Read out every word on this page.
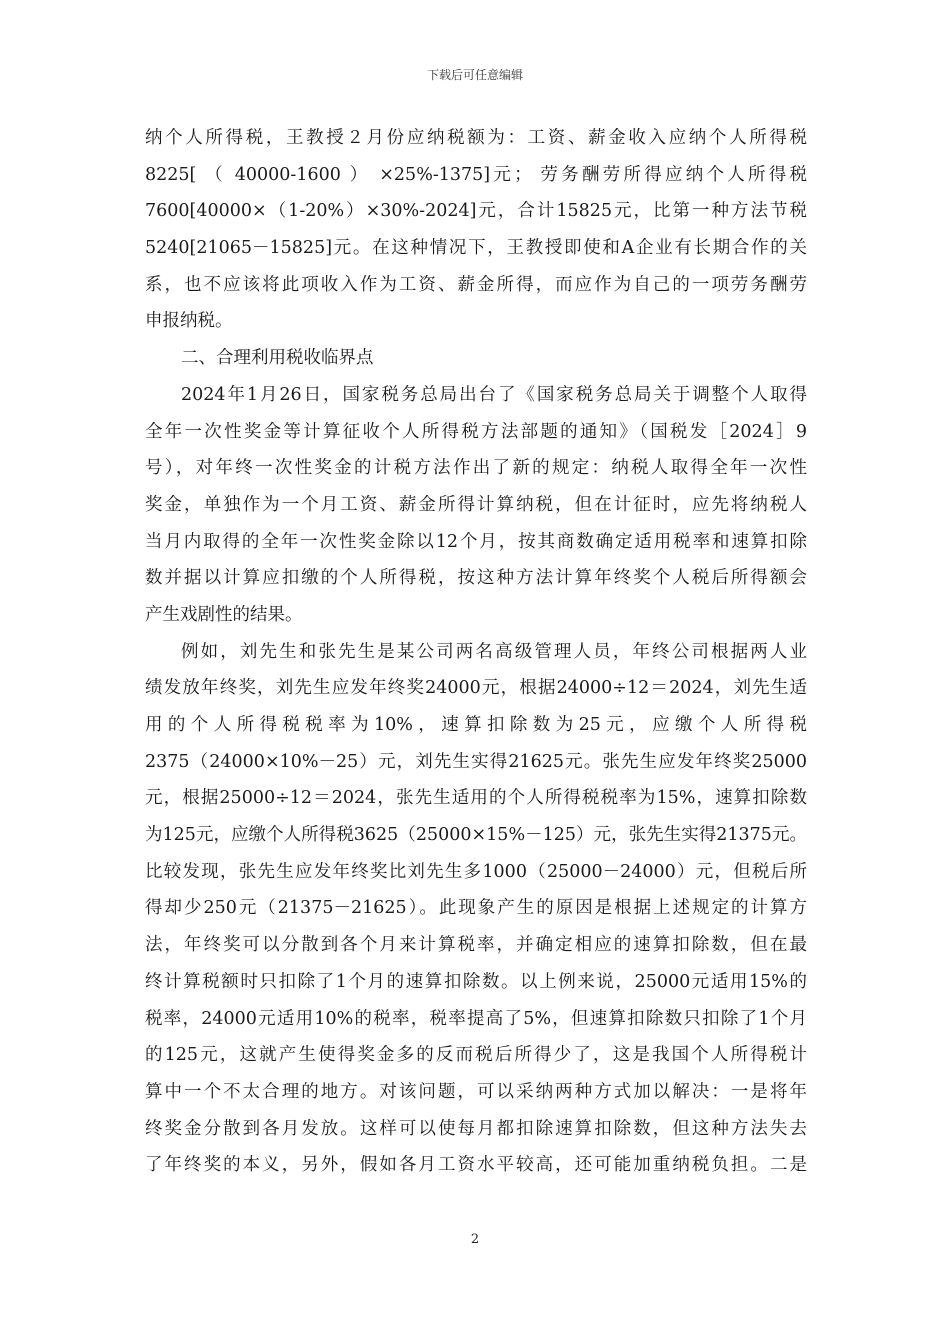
下载后可任意编辑
纳个人所得税，王教授２月份应纳税额为：工资、薪金收入应纳个人所得税
8225[ （ 40000-1600 ） ×25%-1375]元； 劳务酬劳所得应纳个人所得税
7600[40000×（1-20%）×30%-2024]元，合计15825元，比第一种方法节税
5240[21065－15825]元。在这种情况下，王教授即使和A企业有长期合作的关
系，也不应该将此项收入作为工资、薪金所得，而应作为自己的一项劳务酬劳
申报纳税。
二、合理利用税收临界点
2024年1月26日，国家税务总局出台了《国家税务总局关于调整个人取得
全年一次性奖金等计算征收个人所得税方法部题的通知》（国税发［2024］9
号），对年终一次性奖金的计税方法作出了新的规定：纳税人取得全年一次性
奖金，单独作为一个月工资、薪金所得计算纳税，但在计征时，应先将纳税人
当月内取得的全年一次性奖金除以12个月，按其商数确定适用税率和速算扣除
数并据以计算应扣缴的个人所得税，按这种方法计算年终奖个人税后所得额会
产生戏剧性的结果。
例如，刘先生和张先生是某公司两名高级管理人员，年终公司根据两人业
绩发放年终奖，刘先生应发年终奖24000元，根据24000÷12＝2024，刘先生适
用的个人所得税税率为10%，速算扣除数为25元，应缴个人所得税
2375（24000×10%－25）元，刘先生实得21625元。张先生应发年终奖25000
元，根据25000÷12＝2024，张先生适用的个人所得税税率为15%，速算扣除数
为125元，应缴个人所得税3625（25000×15%－125）元，张先生实得21375元。
比较发现，张先生应发年终奖比刘先生多1000（25000－24000）元，但税后所
得却少250元（21375－21625）。此现象产生的原因是根据上述规定的计算方
法，年终奖可以分散到各个月来计算税率，并确定相应的速算扣除数，但在最
终计算税额时只扣除了1个月的速算扣除数。以上例来说，25000元适用15%的
税率，24000元适用10%的税率，税率提高了5%，但速算扣除数只扣除了1个月
的125元，这就产生使得奖金多的反而税后所得少了，这是我国个人所得税计
算中一个不太合理的地方。对该问题，可以采纳两种方式加以解决：一是将年
终奖金分散到各月发放。这样可以使每月都扣除速算扣除数，但这种方法失去
了年终奖的本义，另外，假如各月工资水平较高，还可能加重纳税负担。二是
2
